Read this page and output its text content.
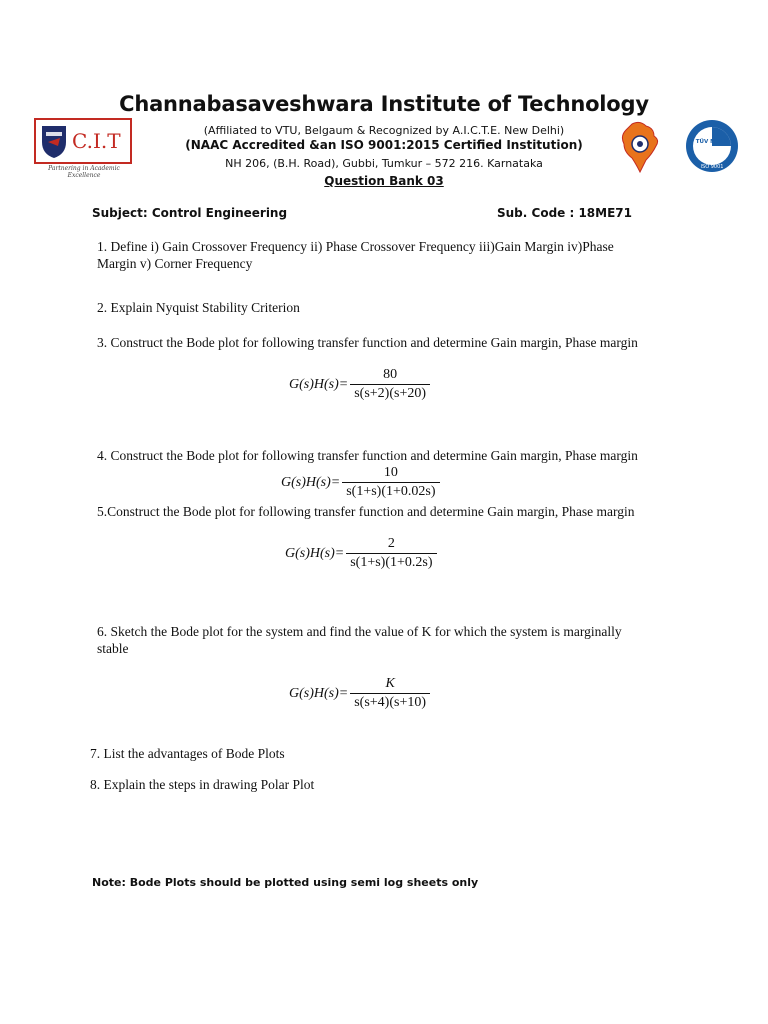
C.I.T
Partnering in Academic Excellence
TÜV NORD
ISO 9001
Channabasaveshwara Institute of Technology
(Affiliated to VTU, Belgaum & Recognized by A.I.C.T.E. New Delhi)
(NAAC Accredited &an ISO 9001:2015 Certified Institution)
NH 206, (B.H. Road), Gubbi, Tumkur – 572 216. Karnataka
Question Bank 03
Subject: Control Engineering	Sub. Code : 18ME71
1. Define i) Gain Crossover Frequency ii) Phase Crossover Frequency iii)Gain Margin iv)Phase
Margin v) Corner Frequency
2. Explain Nyquist Stability Criterion
3. Construct the Bode plot for following transfer function and determine Gain margin, Phase margin
$G(s)H(s)= \frac{80}{s(s+2)(s+20)}$
4. Construct the Bode plot for following transfer function and determine Gain margin, Phase margin
$G(s)H(s)= \frac{10}{s(1+s)(1+0.02s)}$
5.Construct the Bode plot for following transfer function and determine Gain margin, Phase margin
$G(s)H(s)= \frac{2}{s(1+s)(1+0.2s)}$
6. Sketch the Bode plot for the system and find the value of K for which the system is marginally
stable
$G(s)H(s)= \frac{K}{s(s+4)(s+10)}$
7. List the advantages of Bode Plots
8. Explain the steps in drawing Polar Plot
Note: Bode Plots should be plotted using semi log sheets only
